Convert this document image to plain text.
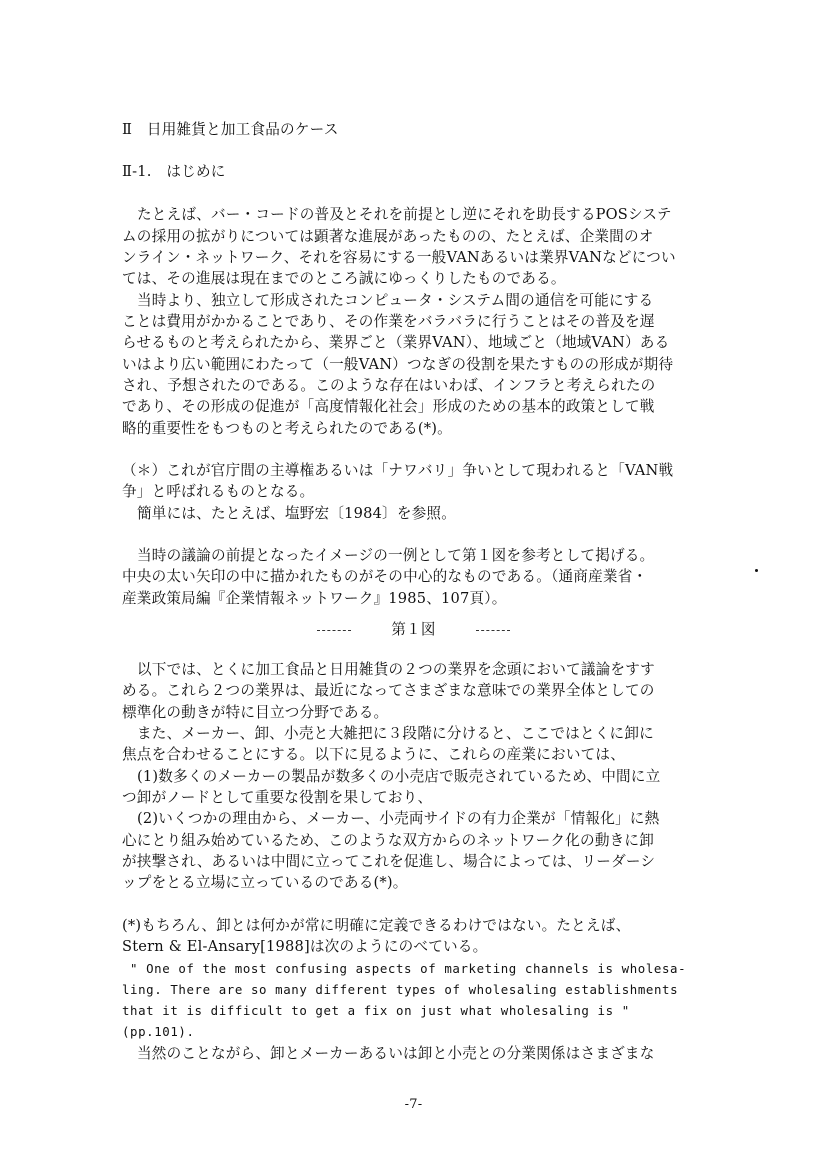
Ⅱ　日用雑貨と加工食品のケース
Ⅱ-1.　はじめに
たとえば、バー・コードの普及とそれを前提とし逆にそれを助長するPOSシステ
ムの採用の拡がりについては顕著な進展があったものの、たとえば、企業間のオ
ンライン・ネットワーク、それを容易にする一般VANあるいは業界VANなどについ
ては、その進展は現在までのところ誠にゆっくりしたものである。
当時より、独立して形成されたコンピュータ・システム間の通信を可能にする
ことは費用がかかることであり、その作業をバラバラに行うことはその普及を遅
らせるものと考えられたから、業界ごと（業界VAN）、地域ごと（地域VAN）ある
いはより広い範囲にわたって（一般VAN）つなぎの役割を果たすものの形成が期待
され、予想されたのである。このような存在はいわば、インフラと考えられたの
であり、その形成の促進が「高度情報化社会」形成のための基本的政策として戦
略的重要性をもつものと考えられたのである(*)。
（＊）これが官庁間の主導権あるいは「ナワバリ」争いとして現われると「VAN戦
争」と呼ばれるものとなる。
簡単には、たとえば、塩野宏〔1984〕を参照。
当時の議論の前提となったイメージの一例として第１図を参考として掲げる。
中央の太い矢印の中に描かれたものがその中心的なものである。（通商産業省・
産業政策局編『企業情報ネットワーク』1985、107頁）。
第１図
以下では、とくに加工食品と日用雑貨の２つの業界を念頭において議論をすす
める。これら２つの業界は、最近になってさまざまな意味での業界全体としての
標準化の動きが特に目立つ分野である。
また、メーカー、卸、小売と大雑把に３段階に分けると、ここではとくに卸に
焦点を合わせることにする。以下に見るように、これらの産業においては、
(1)数多くのメーカーの製品が数多くの小売店で販売されているため、中間に立
つ卸がノードとして重要な役割を果しており、
(2)いくつかの理由から、メーカー、小売両サイドの有力企業が「情報化」に熱
心にとり組み始めているため、このような双方からのネットワーク化の動きに卸
が挟撃され、あるいは中間に立ってこれを促進し、場合によっては、リーダーシ
ップをとる立場に立っているのである(*)。
(*)もちろん、卸とは何かが常に明確に定義できるわけではない。たとえば、
Stern & El-Ansary[1988]は次のようにのべている。
" One of the most confusing aspects of marketing channels is wholesa-
ling. There are so many different types of wholesaling establishments
that it is difficult to get a fix on just what wholesaling is "
(pp.101).
当然のことながら、卸とメーカーあるいは卸と小売との分業関係はさまざまな
-7-
